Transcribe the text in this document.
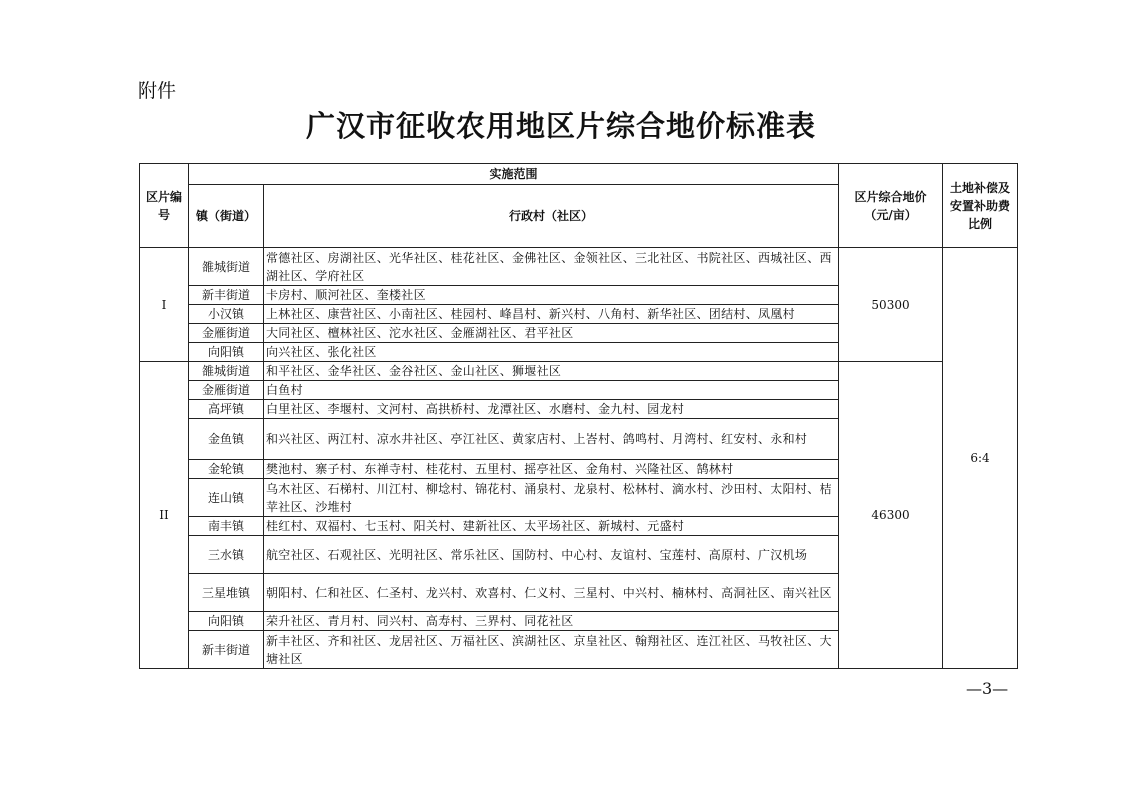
附件
广汉市征收农用地区片综合地价标准表
区片编号	实施范围		区片综合地价（元/亩）	土地补偿及安置补助费比例
	镇（街道）	行政村（社区）		
I	雒城街道	常德社区、房湖社区、光华社区、桂花社区、金佛社区、金领社区、三北社区、书院社区、西城社区、西湖社区、学府社区	50300	6:4
	新丰街道	卡房村、顺河社区、奎楼社区		
	小汉镇	上林社区、康营社区、小南社区、桂园村、峰昌村、新兴村、八角村、新华社区、团结村、凤凰村		
	金雁街道	大同社区、檀林社区、沱水社区、金雁湖社区、君平社区		
	向阳镇	向兴社区、张化社区		
II	雒城街道	和平社区、金华社区、金谷社区、金山社区、狮堰社区	46300	
	金雁街道	白鱼村		
	高坪镇	白里社区、李堰村、文河村、高拱桥村、龙潭社区、水磨村、金九村、园龙村		
	金鱼镇	和兴社区、两江村、凉水井社区、亭江社区、黄家店村、上峇村、鸽鸣村、月湾村、红安村、永和村		
	金轮镇	樊池村、寨子村、东禅寺村、桂花村、五里村、摇亭社区、金角村、兴隆社区、鹄林村		
	连山镇	乌木社区、石梯村、川江村、柳埝村、锦花村、涌泉村、龙泉村、松林村、滴水村、沙田村、太阳村、桔苹社区、沙堆村		
	南丰镇	桂红村、双福村、七玉村、阳关村、建新社区、太平场社区、新城村、元盛村		
	三水镇	航空社区、石观社区、光明社区、常乐社区、国防村、中心村、友谊村、宝莲村、高原村、广汉机场		
	三星堆镇	朝阳村、仁和社区、仁圣村、龙兴村、欢喜村、仁义村、三星村、中兴村、楠林村、高洞社区、南兴社区		
	向阳镇	荣升社区、青月村、同兴村、高寿村、三界村、同花社区		
	新丰街道	新丰社区、齐和社区、龙居社区、万福社区、滨湖社区、京皇社区、翰翔社区、连江社区、马牧社区、大塘社区		
—3—
